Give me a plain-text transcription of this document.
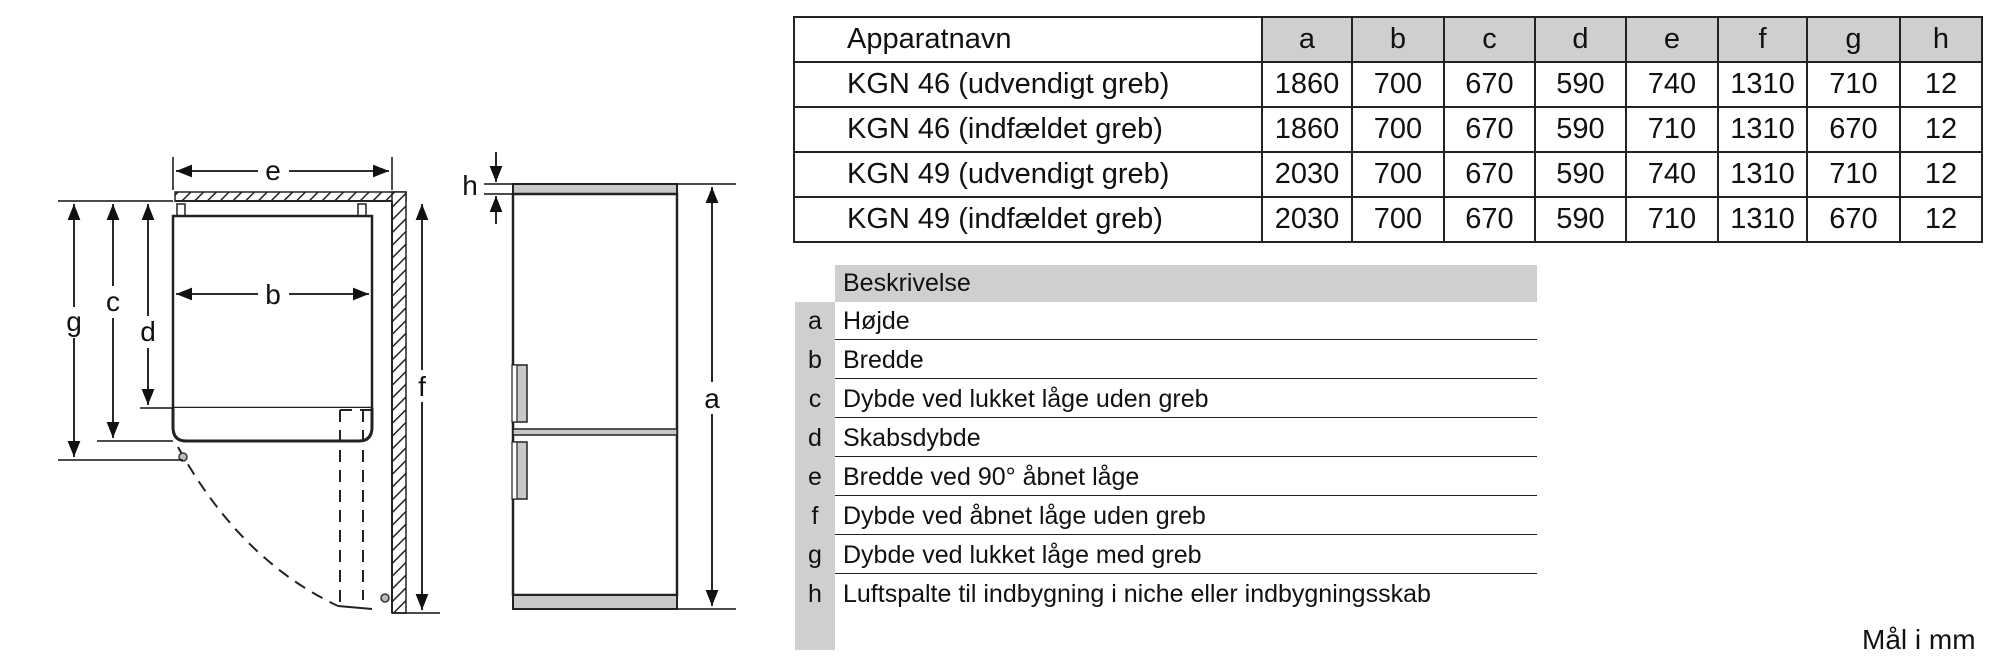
e
b
g
c
d
f	a
h
Apparatnavn	a	b	c	d	e	f	g	h
KGN 46 (udvendigt greb)	1860	700	670	590	740	1310	710	12
KGN 46 (indfældet greb)	1860	700	670	590	710	1310	670	12
KGN 49 (udvendigt greb)	2030	700	670	590	740	1310	710	12
KGN 49 (indfældet greb)	2030	700	670	590	710	1310	670	12
Beskrivelse
a Højde
b Bredde
c Dybde ved lukket låge uden greb
d Skabsdybde
e Bredde ved 90° åbnet låge
f Dybde ved åbnet låge uden greb
g Dybde ved lukket låge med greb
h Luftspalte til indbygning i niche eller indbygningsskab
Mål i mm
